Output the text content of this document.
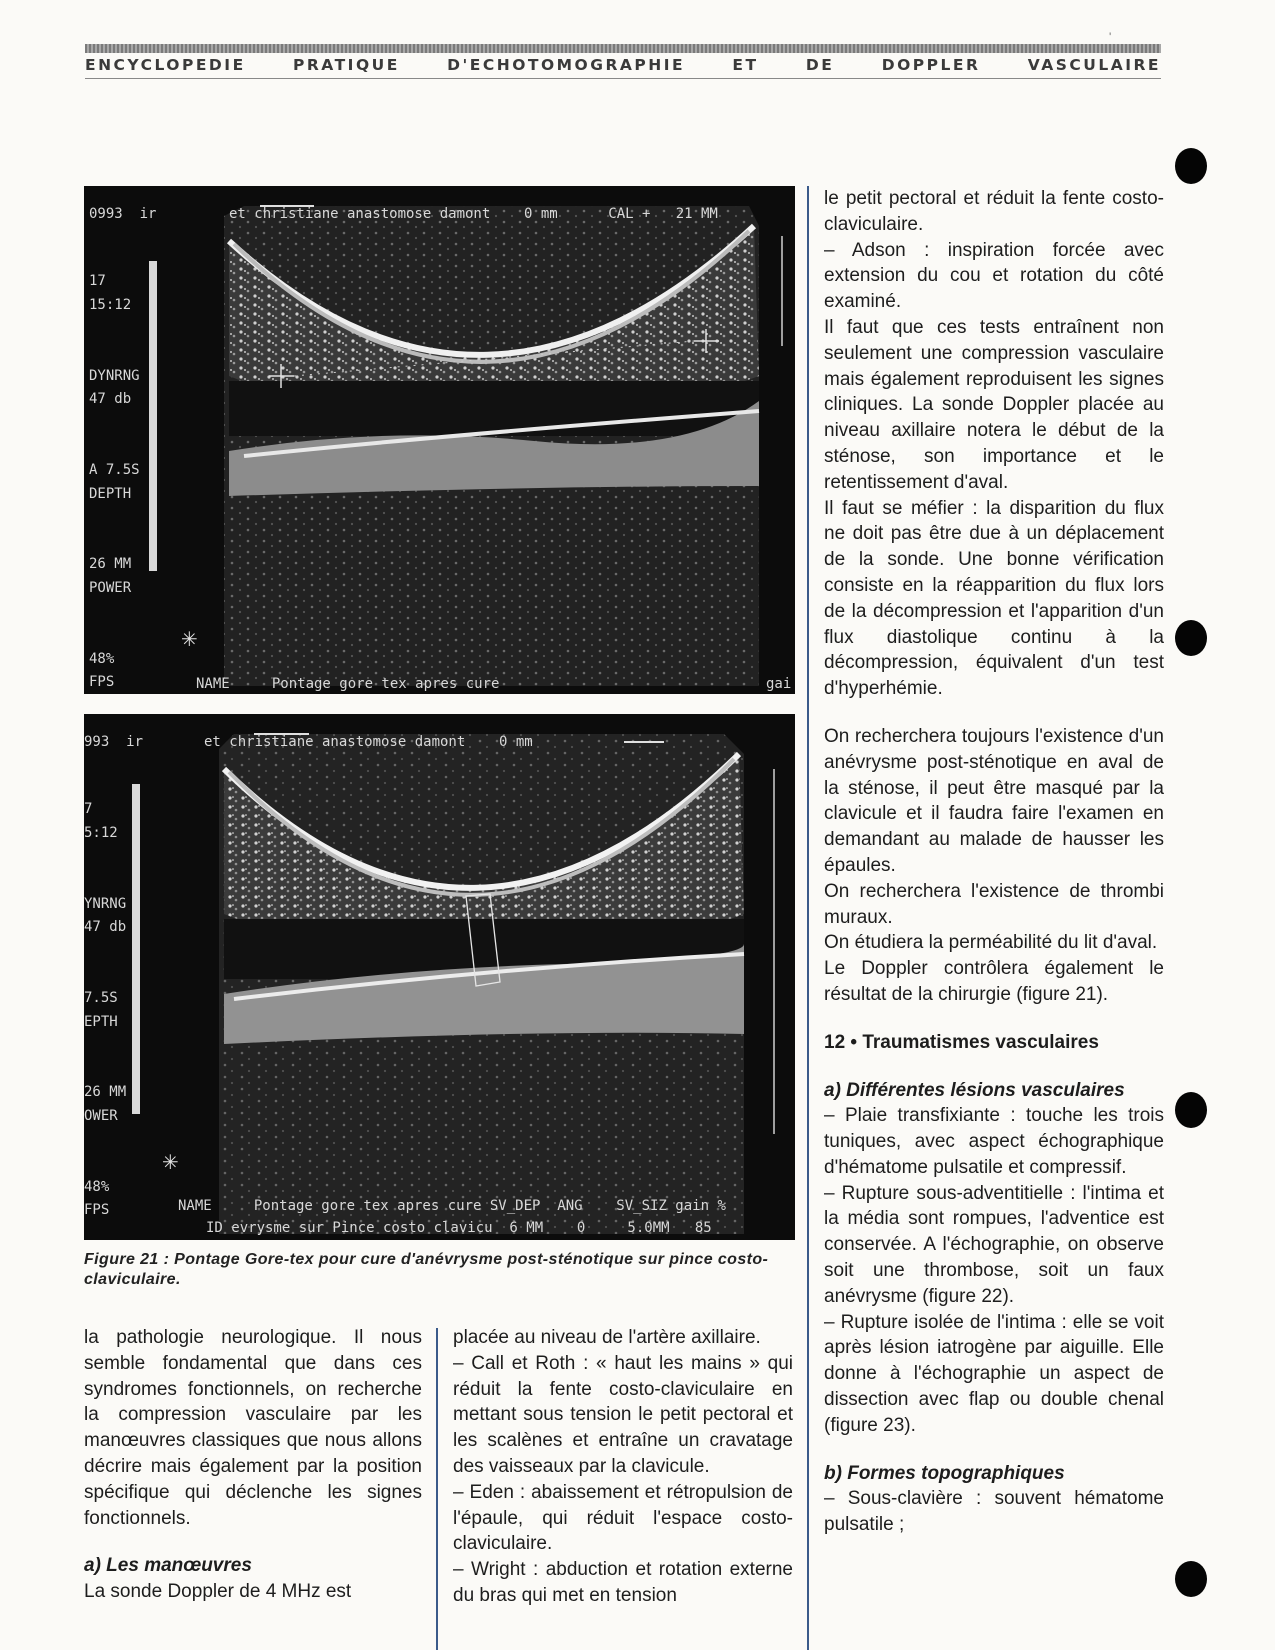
'
ENCYCLOPEDIE PRATIQUE D'ECHOTOMOGRAPHIE ET DE DOPPLER VASCULAIRE
✳
0993  ir	et christiane anastomose damont    0 mm      CAL +   21 MM

17
15:12

DYNRNG
47 db

A 7.5S
DEPTH

26 MM
POWER

48%
FPS

	NAME     Pontage gore tex apres cure	gai
✳
993  ir	et christiane anastomose damont    0 mm

7
5:12

YNRNG
47 db

7.5S
EPTH

26 MM
OWER

48%
FPS

	NAME     Pontage gore tex apres cure SV_DEP  ANG    SV_SIZ gain %
ID evrysme sur Pince costo clavicu  6 MM    0     5.0MM   85
Figure 21 : Pontage Gore-tex pour cure d'anévrysme post-sténotique sur pince costo-claviculaire.

la pathologie neurologique. Il nous semble fondamental que dans ces syndromes fonctionnels, on recherche la compression vasculaire par les manœuvres classiques que nous allons décrire mais également par la position spécifique qui déclenche les signes fonctionnels.

a) Les manœuvres

La sonde Doppler de 4 MHz est

placée au niveau de l'artère axillaire.

– Call et Roth : « haut les mains » qui réduit la fente costo-claviculaire en mettant sous tension le petit pectoral et les scalènes et entraîne un cravatage des vaisseaux par la clavicule.

– Eden : abaissement et rétropulsion de l'épaule, qui réduit l'espace costo-claviculaire.

– Wright : abduction et rotation externe du bras qui met en tension

le petit pectoral et réduit la fente costo-claviculaire.

– Adson : inspiration forcée avec extension du cou et rotation du côté examiné.

Il faut que ces tests entraînent non seulement une compression vasculaire mais également reproduisent les signes cliniques. La sonde Doppler placée au niveau axillaire notera le début de la sténose, son importance et le retentissement d'aval.

Il faut se méfier : la disparition du flux ne doit pas être due à un déplacement de la sonde. Une bonne vérification consiste en la réapparition du flux lors de la décompression et l'apparition d'un flux diastolique continu à la décompression, équivalent d'un test d'hyperhémie.

On recherchera toujours l'existence d'un anévrysme post-sténotique en aval de la sténose, il peut être masqué par la clavicule et il faudra faire l'examen en demandant au malade de hausser les épaules.

On recherchera l'existence de thrombi muraux.

On étudiera la perméabilité du lit d'aval.

Le Doppler contrôlera également le résultat de la chirurgie (figure 21).

12 • Traumatismes vasculaires
a) Différentes lésions vasculaires

– Plaie transfixiante : touche les trois tuniques, avec aspect échographique d'hématome pulsatile et compressif.

– Rupture sous-adventitielle : l'intima et la média sont rompues, l'adventice est conservée. A l'échographie, on observe soit une thrombose, soit un faux anévrysme (figure 22).

– Rupture isolée de l'intima : elle se voit après lésion iatrogène par aiguille. Elle donne à l'échographie un aspect de dissection avec flap ou double chenal (figure 23).

b) Formes topographiques

– Sous-clavière : souvent hématome pulsatile ;
